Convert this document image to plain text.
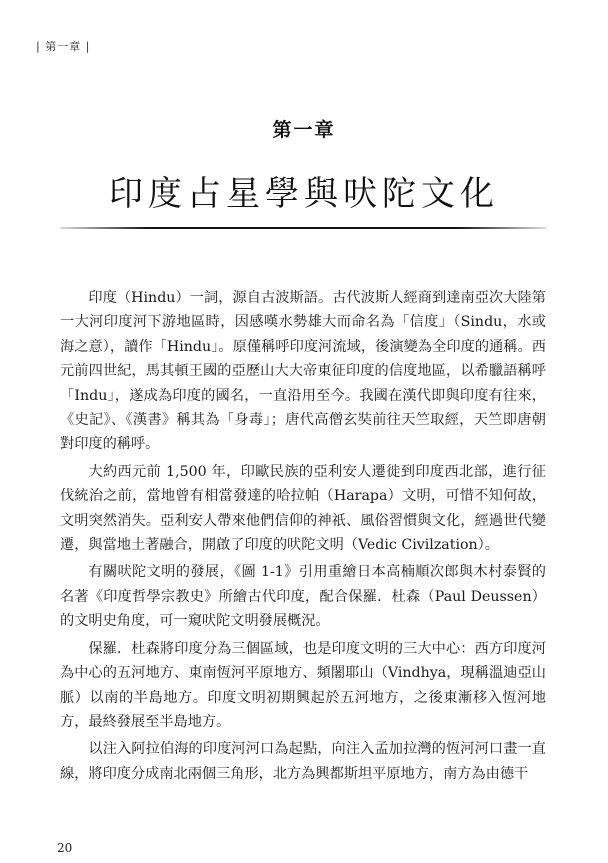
| 第一章 |
第一章
印度占星學與吠陀文化

印度（Hindu）一詞，源自古波斯語。古代波斯人經商到達南亞次大陸第一大河印度河下游地區時，因感嘆水勢雄大而命名為「信度」（Sindu，水或海之意），讀作「Hindu」。原僅稱呼印度河流域，後演變為全印度的通稱。西元前四世紀，馬其頓王國的亞歷山大大帝東征印度的信度地區，以希臘語稱呼「Indu」，遂成為印度的國名，一直沿用至今。我國在漢代即與印度有往來，《史記》、《漢書》稱其為「身毒」；唐代高僧玄奘前往天竺取經，天竺即唐朝對印度的稱呼。

大約西元前 1,500 年，印歐民族的亞利安人遷徙到印度西北部，進行征伐統治之前，當地曾有相當發達的哈拉帕（Harapa）文明，可惜不知何故，文明突然消失。亞利安人帶來他們信仰的神祇、風俗習慣與文化，經過世代變遷，與當地土著融合，開啟了印度的吠陀文明（Vedic Civilzation）。

有關吠陀文明的發展，《圖 1-1》引用重繪日本高楠順次郎與木村泰賢的名著《印度哲學宗教史》所繪古代印度，配合保羅．杜森（Paul Deussen）的文明史角度，可一窺吠陀文明發展概況。

保羅．杜森將印度分為三個區域，也是印度文明的三大中心：西方印度河為中心的五河地方、東南恆河平原地方、頻闍耶山（Vindhya，現稱溫迪亞山脈）以南的半島地方。印度文明初期興起於五河地方，之後東漸移入恆河地方，最終發展至半島地方。

以注入阿拉伯海的印度河河口為起點，向注入孟加拉灣的恆河河口畫一直線，將印度分成南北兩個三角形，北方為興都斯坦平原地方，南方為由德干

20
